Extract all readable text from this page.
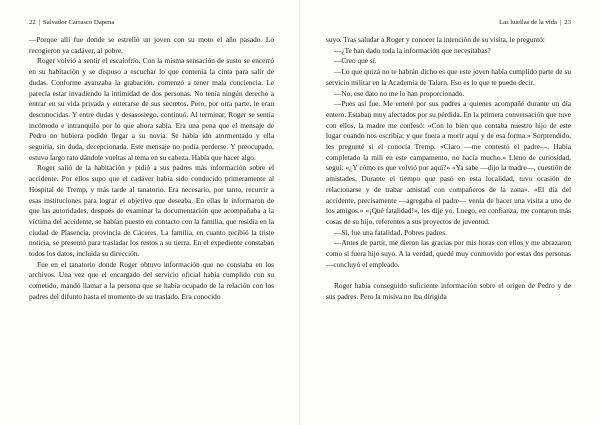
22 | Salvador Carrasco Dapena

—Porque allí fue donde se estrelló un joven con su moto el año pasado. Lo recogieron ya cadáver, al pobre.

Roger volvió a sentir el escalofrío. Con la misma sensación de susto se encerró en su habitación y se dispuso a escuchar lo que contenía la cinta para salir de dudas. Conforme avanzaba la grabación, comenzó a tener mala conciencia. Le parecía estar invadiendo la intimidad de dos personas. No tenía ningún derecho a entrar en su vida privada y enterarse de sus secretos. Pero, por otra parte, le eran desconocidas. Y entre dudas y desasosiego, continuó. Al terminar, Roger se sentía incómodo e intranquilo por lo que ahora sabía. Era una pena que el mensaje de Pedro no hubiera podido llegar a su novia. Se había ido atormentado y ella seguiría, sin duda, decepcionada. Este mensaje no podía perderse. Y preocupado, estuvo largo rato dándole vueltas al tema en su cabeza. Había que hacer algo.

Roger salió de la habitación y pidió a sus padres más información sobre el accidente. Por ellos supo que el cadáver había sido conducido primeramente al Hospital de Tremp, y más tarde al tanatorio. Era necesario, por tanto, recurrir a esas instituciones para lograr el objetivo que deseaba. En ellas le informaron de que las autoridades, después de examinar la documentación que acompañaba a la víctima del accidente, se habían puesto en contacto con la familia, que residía en la ciudad de Plasencia, provincia de Cáceres. La familia, en cuanto recibió la triste noticia, se presentó para trasladar los restos a su tierra. En el expediente constaban todos los datos, incluida su dirección.

Fue en el tanatorio donde Roger obtuvo información que no constaba en los archivos. Una vez que el encargado del servicio oficial había cumplido con su cometido, mandó llamar a la persona que se había ocupado de la relación con los padres del difunto hasta el momento de su traslado. Era conocido

Las huellas de la vida | 23

suyo. Tras saludar a Roger y conocer la intención de su visita, le preguntó:

—¿Te han dado toda la información que necesitabas?

—Creo que sí.

—Lo que quizá no te habrán dicho es que este joven había cumplido parte de su servicio militar en la Academia de Talarn. Eso es lo que te puedo decir.

—No, ese dato no me lo han proporcionado.

—Pues así fue. Me enteré por sus padres a quienes acompañé durante un día entero. Estaban muy afectados por su pérdida. En la primera conversación que tuve con ellos, la madre me confesó: «Con lo bien que contaba nuestro hijo de este lugar cuando nos escribía; y que fuera a morir aquí y de esa forma.» Sorprendido, les pregunté si el conocía Tremp. «Claro —me contestó el padre—. Había completado la mili en este campamento, no hacía mucho.» Lleno de curiosidad, seguí: «¿Y cómo es que volvió por aquí?» «Ya sabe —dijo la madre—, cuestión de amistades. Durante el tiempo que pasó en esta localidad, tuvo ocasión de relacionarse y de trabar amistad con compañeros de la zona». «El día del accidente, precisamente —agregaba el padre— venía de hacer una visita a uno de los amigos.» «¡Qué fatalidad!», les dije yo. Luego, en confianza, me contaron más cosas de su hijo, referentes a sus proyectos de juventud.

—Sí, fue una fatalidad. Pobres padres.

—Antes de partir, me dieron las gracias por mis horas con ellos y me abrazaron como si fuera hijo suyo. A la verdad, quedé muy conmovido por estas dos personas —concluyó el empleado.

Roger había conseguido suficiente información sobre el origen de Pedro y de sus padres. Pero la misiva no iba dirigida
